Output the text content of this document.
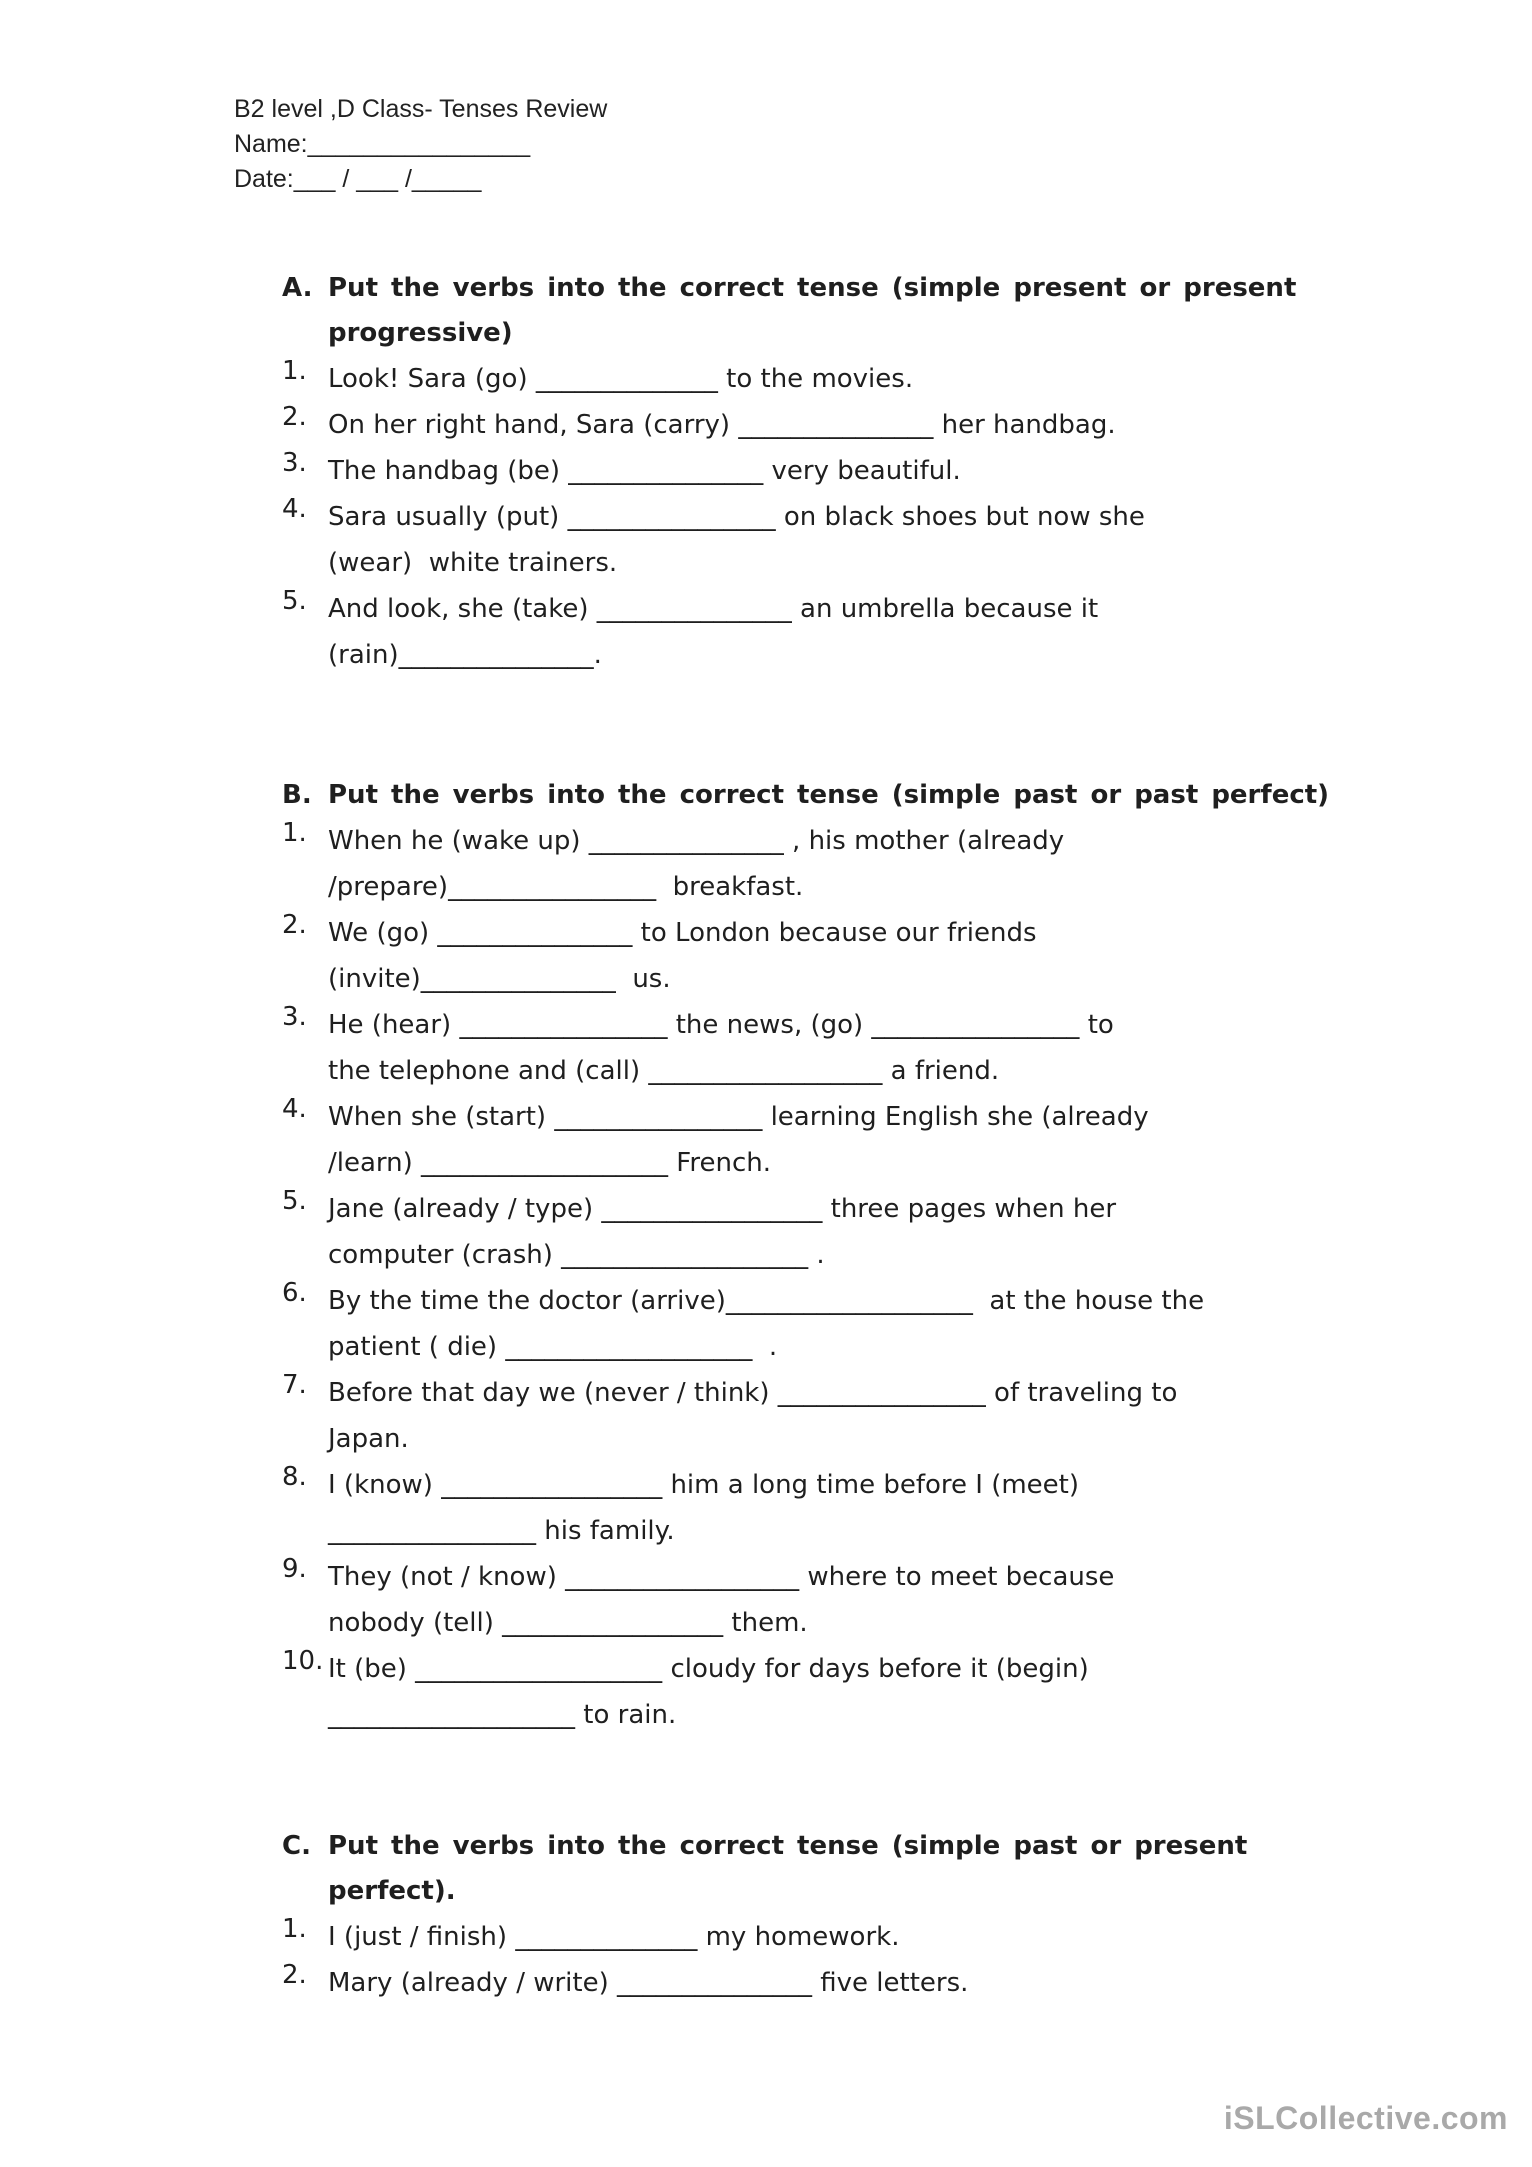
B2 level ,D Class- Tenses Review
Name:________________
Date:___ / ___ /_____
A. Put the verbs into the correct tense (simple present or present
progressive)
1. Look! Sara (go) ______________ to the movies.
2. On her right hand, Sara (carry) _______________ her handbag.
3. The handbag (be) _______________ very beautiful.
4. Sara usually (put) ________________ on black shoes but now she
(wear)  white trainers.
5. And look, she (take) _______________ an umbrella because it
(rain)_______________.
B. Put the verbs into the correct tense (simple past or past perfect)
1. When he (wake up) _______________ , his mother (already
/prepare)________________  breakfast.
2. We (go) _______________ to London because our friends
(invite)_______________  us.
3. He (hear) ________________ the news, (go) ________________ to
the telephone and (call) __________________ a friend.
4. When she (start) ________________ learning English she (already
/learn) ___________________ French.
5. Jane (already / type) _________________ three pages when her
computer (crash) ___________________ .
6. By the time the doctor (arrive)___________________  at the house the
patient ( die) ___________________  .
7. Before that day we (never / think) ________________ of traveling to
Japan.
8. I (know) _________________ him a long time before I (meet)
________________ his family.
9. They (not / know) __________________ where to meet because
nobody (tell) _________________ them.
10. It (be) ___________________ cloudy for days before it (begin)
___________________ to rain.
C. Put the verbs into the correct tense (simple past or present perfect).
1. I (just / finish) ______________ my homework.
2. Mary (already / write) _______________ five letters.
iSLCollective.com
